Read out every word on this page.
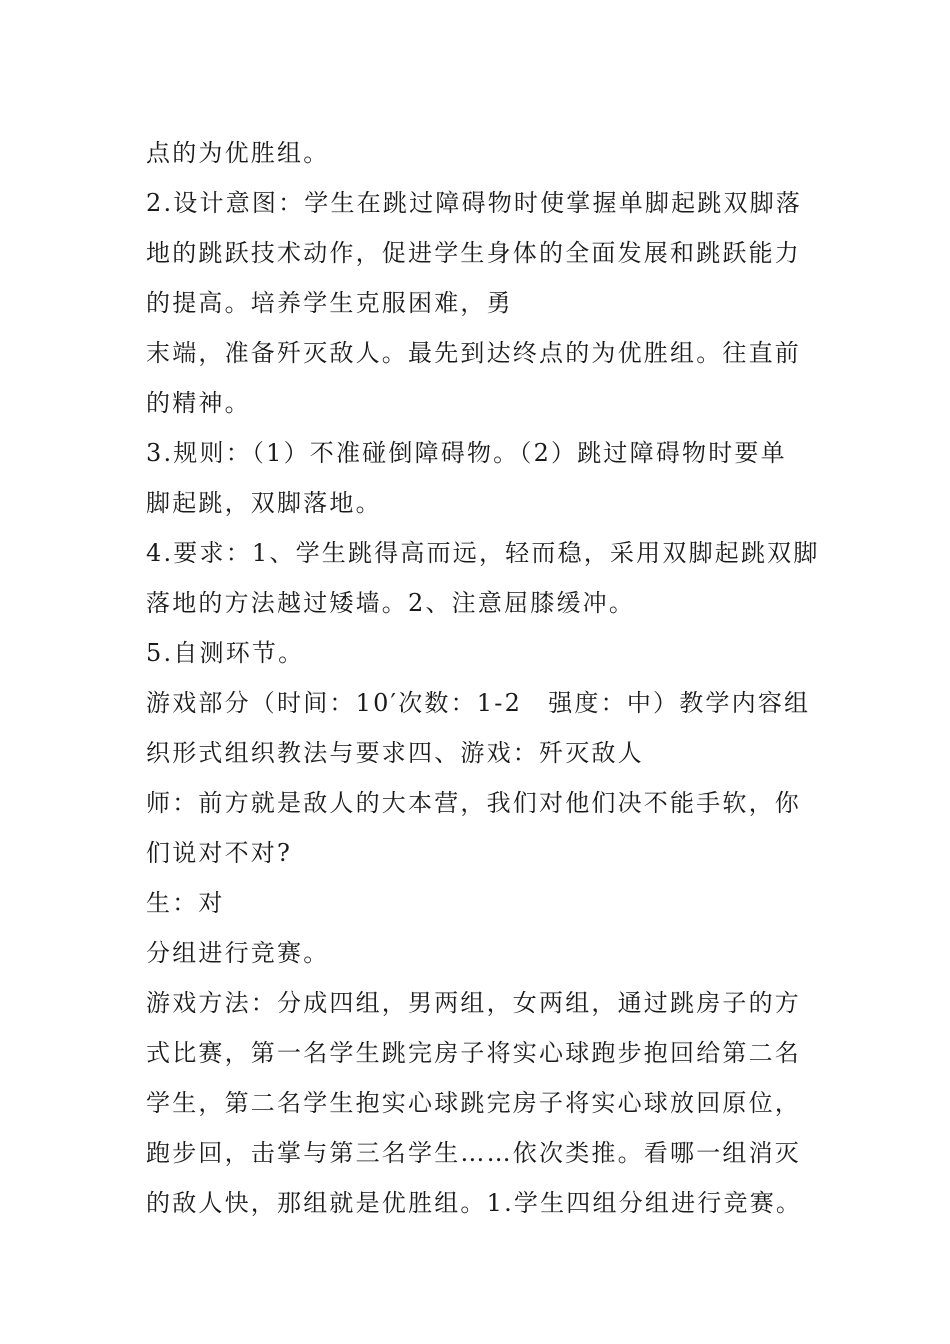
点的为优胜组。
2.设计意图：学生在跳过障碍物时使掌握单脚起跳双脚落
地的跳跃技术动作，促进学生身体的全面发展和跳跃能力
的提高。培养学生克服困难，勇
末端，准备歼灭敌人。最先到达终点的为优胜组。往直前
的精神。
3.规则：（1）不准碰倒障碍物。（2）跳过障碍物时要单
脚起跳，双脚落地。
4.要求：1、学生跳得高而远，轻而稳，采用双脚起跳双脚
落地的方法越过矮墙。2、注意屈膝缓冲。
5.自测环节。
游戏部分（时间：10′次数：1-2　强度：中）教学内容组
织形式组织教法与要求四、游戏：歼灭敌人
师：前方就是敌人的大本营，我们对他们决不能手软，你
们说对不对?
生：对
分组进行竞赛。
游戏方法：分成四组，男两组，女两组，通过跳房子的方
式比赛，第一名学生跳完房子将实心球跑步抱回给第二名
学生，第二名学生抱实心球跳完房子将实心球放回原位，
跑步回，击掌与第三名学生……依次类推。看哪一组消灭
的敌人快，那组就是优胜组。1.学生四组分组进行竞赛。
